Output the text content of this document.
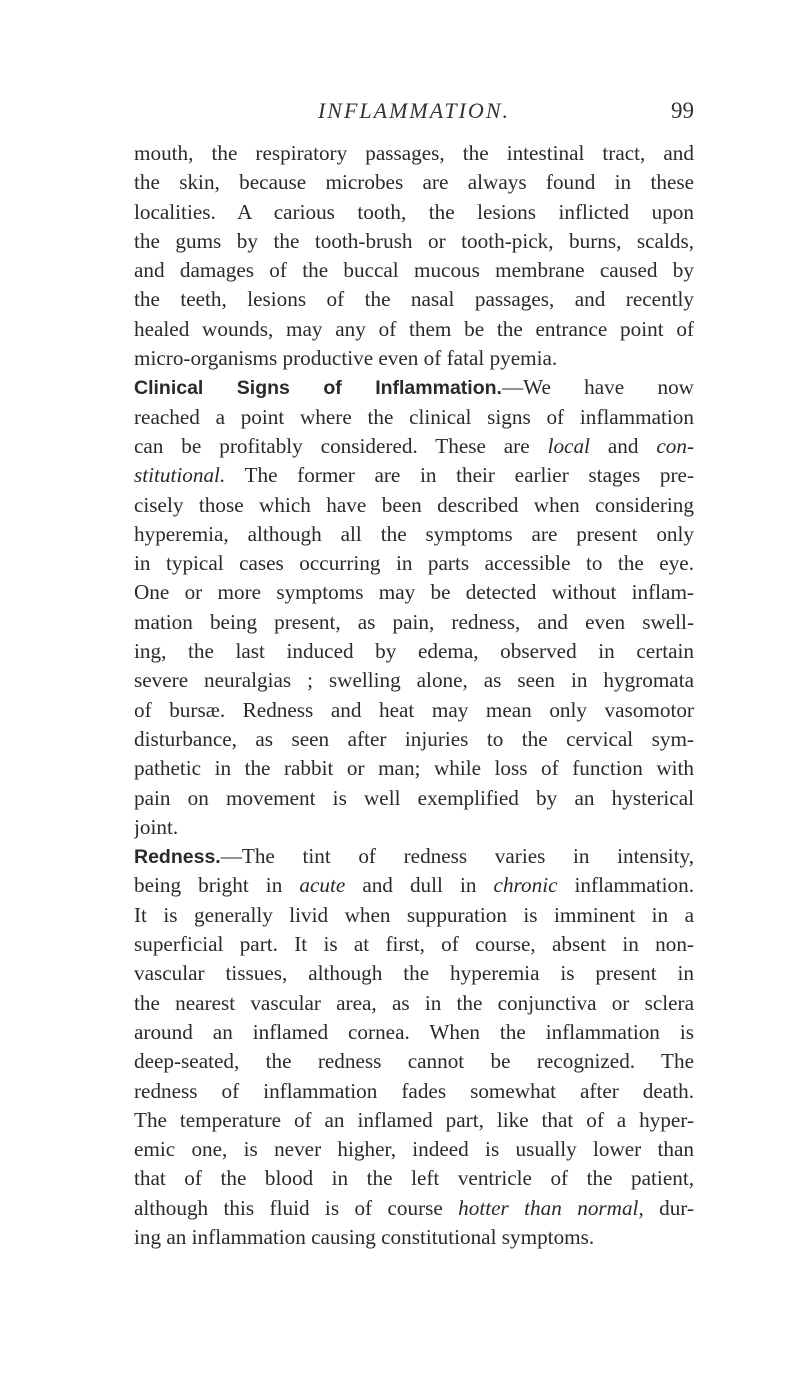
INFLAMMATION.	99
mouth, the respiratory passages, the intestinal tract, and
the skin, because microbes are always found in these
localities. A carious tooth, the lesions inflicted upon
the gums by the tooth-brush or tooth-pick, burns, scalds,
and damages of the buccal mucous membrane caused by
the teeth, lesions of the nasal passages, and recently
healed wounds, may any of them be the entrance point of
micro-organisms productive even of fatal pyemia.
Clinical Signs of Inflammation.—We have now
reached a point where the clinical signs of inflammation
can be profitably considered. These are local and con-
stitutional. The former are in their earlier stages pre-
cisely those which have been described when considering
hyperemia, although all the symptoms are present only
in typical cases occurring in parts accessible to the eye.
One or more symptoms may be detected without inflam-
mation being present, as pain, redness, and even swell-
ing, the last induced by edema, observed in certain
severe neuralgias ; swelling alone, as seen in hygromata
of bursæ. Redness and heat may mean only vasomotor
disturbance, as seen after injuries to the cervical sym-
pathetic in the rabbit or man; while loss of function with
pain on movement is well exemplified by an hysterical
joint.
Redness.—The tint of redness varies in intensity,
being bright in acute and dull in chronic inflammation.
It is generally livid when suppuration is imminent in a
superficial part. It is at first, of course, absent in non-
vascular tissues, although the hyperemia is present in
the nearest vascular area, as in the conjunctiva or sclera
around an inflamed cornea. When the inflammation is
deep-seated, the redness cannot be recognized. The
redness of inflammation fades somewhat after death.
The temperature of an inflamed part, like that of a hyper-
emic one, is never higher, indeed is usually lower than
that of the blood in the left ventricle of the patient,
although this fluid is of course hotter than normal, dur-
ing an inflammation causing constitutional symptoms.
